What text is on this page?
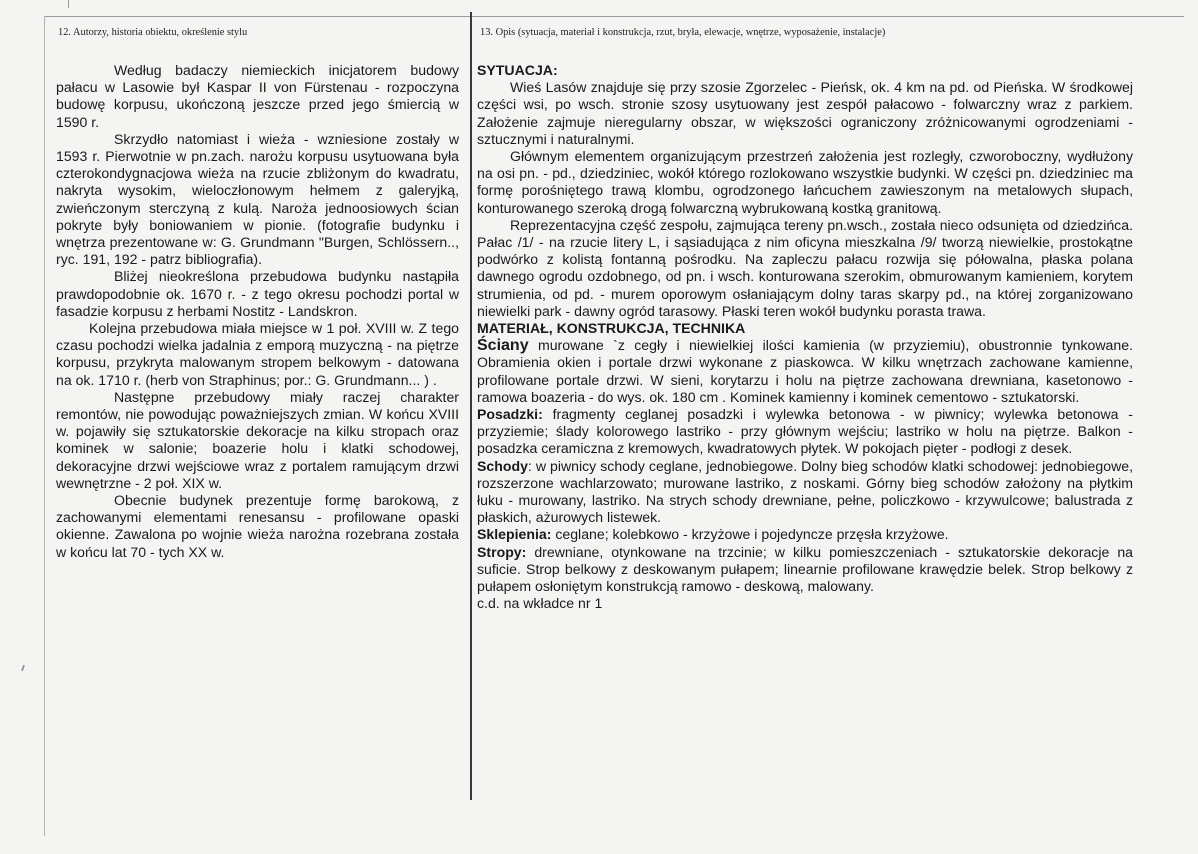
12. Autorzy, historia obiektu, określenie stylu	13. Opis (sytuacja, materiał i konstrukcja, rzut, bryła, elewacje, wnętrze, wyposażenie, instalacje)

Według badaczy niemieckich inicjatorem budowy pałacu w Lasowie był Kaspar II von Fürstenau - rozpoczyna budowę korpusu, ukończoną jeszcze przed jego śmiercią w 1590 r.

Skrzydło natomiast i wieża - wzniesione zostały w 1593 r. Pierwotnie w pn.zach. narożu korpusu usytuowana była czterokondygnacjowa wieża na rzucie zbliżonym do kwadratu, nakryta wysokim, wieloczłonowym hełmem z galeryjką, zwieńczonym sterczyną z kulą. Naroża jednoosiowych ścian pokryte były boniowaniem w pionie. (fotografie budynku i wnętrza prezentowane w: G. Grundmann "Burgen, Schlössern.., ryc. 191, 192 - patrz bibliografia).

Bliżej nieokreślona przebudowa budynku nastąpiła prawdopodobnie ok. 1670 r. - z tego okresu pochodzi portal w fasadzie korpusu z herbami Nostitz - Landskron.

Kolejna przebudowa miała miejsce w 1 poł. XVIII w. Z tego czasu pochodzi wielka jadalnia z emporą muzyczną - na piętrze korpusu, przykryta malowanym stropem belkowym - datowana na ok. 1710 r. (herb von Straphinus; por.: G. Grundmann... ) .

Następne przebudowy miały raczej charakter remontów, nie powodując poważniejszych zmian. W końcu XVIII w. pojawiły się sztukatorskie dekoracje na kilku stropach oraz kominek w salonie; boazerie holu i klatki schodowej, dekoracyjne drzwi wejściowe wraz z portalem ramującym drzwi wewnętrzne - 2 poł. XIX w.

Obecnie budynek prezentuje formę barokową, z zachowanymi elementami renesansu - profilowane opaski okienne. Zawalona po wojnie wieża narożna rozebrana została w końcu lat 70 - tych XX w.

SYTUACJA:

Wieś Lasów znajduje się przy szosie Zgorzelec - Pieńsk, ok. 4 km na pd. od Pieńska. W środkowej części wsi, po wsch. stronie szosy usytuowany jest zespół pałacowo - folwarczny wraz z parkiem. Założenie zajmuje nieregularny obszar, w większości ograniczony zróżnicowanymi ogrodzeniami - sztucznymi i naturalnymi.

Głównym elementem organizującym przestrzeń założenia jest rozległy, czworoboczny, wydłużony na osi pn. - pd., dziedziniec, wokół którego rozlokowano wszystkie budynki. W części pn. dziedziniec ma formę porośniętego trawą klombu, ogrodzonego łańcuchem zawieszonym na metalowych słupach, konturowanego szeroką drogą folwarczną wybrukowaną kostką granitową.

Reprezentacyjna część zespołu, zajmująca tereny pn.wsch., została nieco odsunięta od dziedzińca. Pałac /1/ - na rzucie litery L, i sąsiadująca z nim oficyna mieszkalna /9/ tworzą niewielkie, prostokątne podwórko z kolistą fontanną pośrodku. Na zapleczu pałacu rozwija się półowalna, płaska polana dawnego ogrodu ozdobnego, od pn. i wsch. konturowana szerokim, obmurowanym kamieniem, korytem strumienia, od pd. - murem oporowym osłaniającym dolny taras skarpy pd., na której zorganizowano niewielki park - dawny ogród tarasowy. Płaski teren wokół budynku porasta trawa.

MATERIAŁ, KONSTRUKCJA, TECHNIKA

Ściany murowane `z cegły i niewielkiej ilości kamienia (w przyziemiu), obustronnie tynkowane. Obramienia okien i portale drzwi wykonane z piaskowca. W kilku wnętrzach zachowane kamienne, profilowane portale drzwi. W sieni, korytarzu i holu na piętrze zachowana drewniana, kasetonowo - ramowa boazeria - do wys. ok. 180 cm . Kominek kamienny i kominek cementowo - sztukatorski.

Posadzki: fragmenty ceglanej posadzki i wylewka betonowa - w piwnicy; wylewka betonowa - przyziemie; ślady kolorowego lastriko - przy głównym wejściu; lastriko w holu na piętrze. Balkon - posadzka ceramiczna z kremowych, kwadratowych płytek. W pokojach pięter - podłogi z desek.

Schody: w piwnicy schody ceglane, jednobiegowe. Dolny bieg schodów klatki schodowej: jednobiegowe, rozszerzone wachlarzowato; murowane lastriko, z noskami. Górny bieg schodów założony na płytkim łuku - murowany, lastriko. Na strych schody drewniane, pełne, policzkowo - krzywulcowe; balustrada z płaskich, ażurowych listewek.

Sklepienia: ceglane; kolebkowo - krzyżowe i pojedyncze przęsła krzyżowe.

Stropy: drewniane, otynkowane na trzcinie; w kilku pomieszczeniach - sztukatorskie dekoracje na suficie. Strop belkowy z deskowanym pułapem; linearnie profilowane krawędzie belek. Strop belkowy z pułapem osłoniętym konstrukcją ramowo - deskową, malowany.

c.d. na wkładce nr 1
